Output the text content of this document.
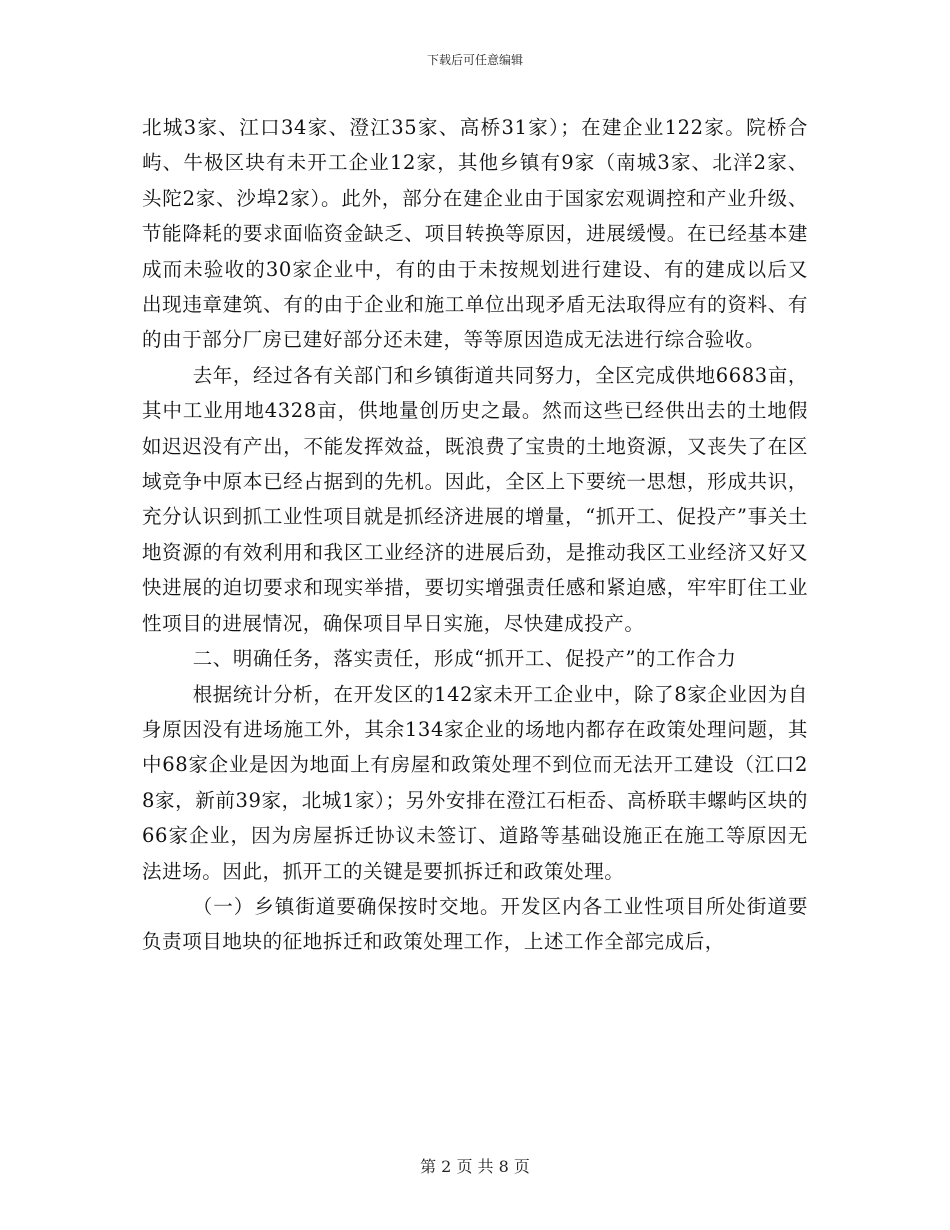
下载后可任意编辑

北城3家、江口34家、澄江35家、高桥31家）；在建企业122家。院桥合屿、牛极区块有未开工企业12家，其他乡镇有9家（南城3家、北洋2家、头陀2家、沙埠2家）。此外，部分在建企业由于国家宏观调控和产业升级、节能降耗的要求面临资金缺乏、项目转换等原因，进展缓慢。在已经基本建成而未验收的30家企业中，有的由于未按规划进行建设、有的建成以后又出现违章建筑、有的由于企业和施工单位出现矛盾无法取得应有的资料、有的由于部分厂房已建好部分还未建，等等原因造成无法进行综合验收。

去年，经过各有关部门和乡镇街道共同努力，全区完成供地6683亩，其中工业用地4328亩，供地量创历史之最。然而这些已经供出去的土地假如迟迟没有产出，不能发挥效益，既浪费了宝贵的土地资源，又丧失了在区域竞争中原本已经占据到的先机。因此，全区上下要统一思想，形成共识，充分认识到抓工业性项目就是抓经济进展的增量，“抓开工、促投产”事关土地资源的有效利用和我区工业经济的进展后劲，是推动我区工业经济又好又快进展的迫切要求和现实举措，要切实增强责任感和紧迫感，牢牢盯住工业性项目的进展情况，确保项目早日实施，尽快建成投产。

二、明确任务，落实责任，形成“抓开工、促投产”的工作合力

根据统计分析，在开发区的142家未开工企业中，除了8家企业因为自身原因没有进场施工外，其余134家企业的场地内都存在政策处理问题，其中68家企业是因为地面上有房屋和政策处理不到位而无法开工建设（江口28家，新前39家，北城1家）；另外安排在澄江石柜岙、高桥联丰螺屿区块的66家企业，因为房屋拆迁协议未签订、道路等基础设施正在施工等原因无法进场。因此，抓开工的关键是要抓拆迁和政策处理。

（一）乡镇街道要确保按时交地。开发区内各工业性项目所处街道要负责项目地块的征地拆迁和政策处理工作，上述工作全部完成后，

第 2 页 共 8 页
